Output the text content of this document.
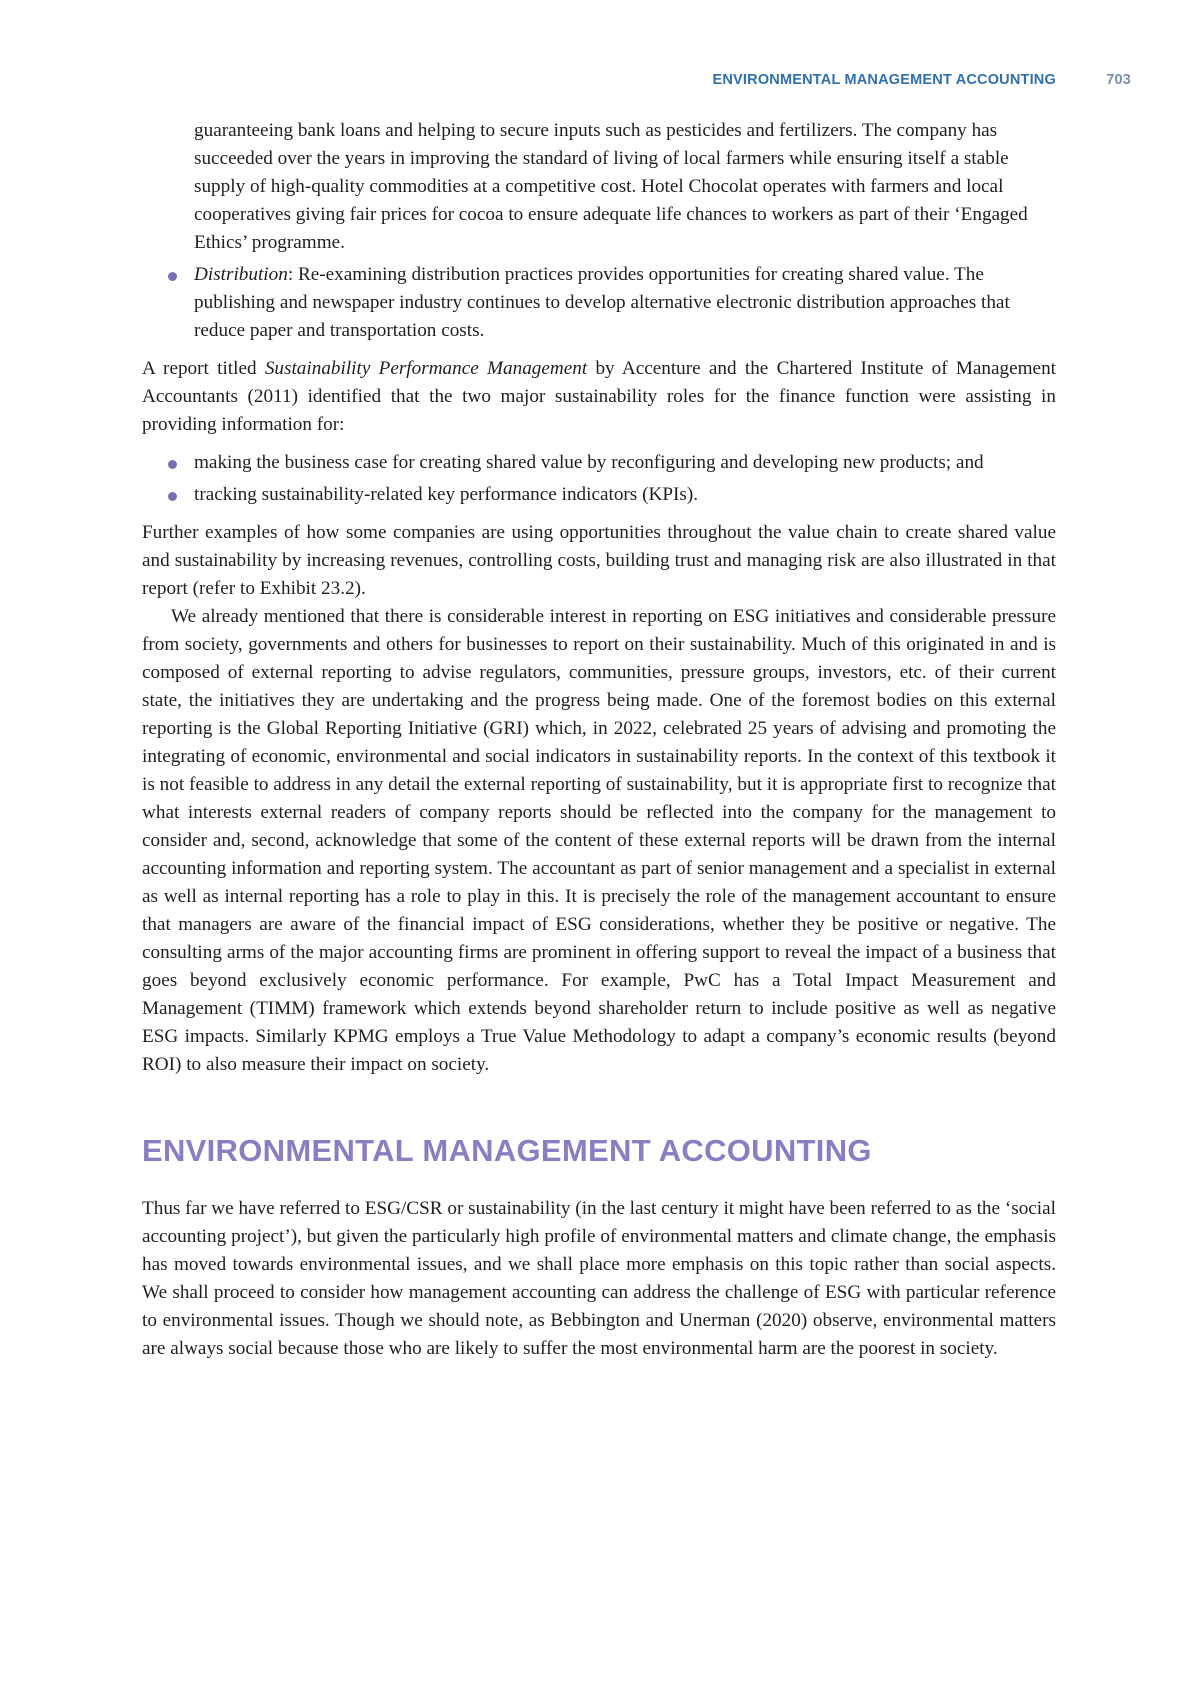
ENVIRONMENTAL MANAGEMENT ACCOUNTING	703

guaranteeing bank loans and helping to secure inputs such as pesticides and fertilizers. The company has succeeded over the years in improving the standard of living of local farmers while ensuring itself a stable supply of high-quality commodities at a competitive cost. Hotel Chocolat operates with farmers and local cooperatives giving fair prices for cocoa to ensure adequate life chances to workers as part of their ‘Engaged Ethics’ programme.

Distribution: Re-examining distribution practices provides opportunities for creating shared value. The publishing and newspaper industry continues to develop alternative electronic distribution approaches that reduce paper and transportation costs.

A report titled Sustainability Performance Management by Accenture and the Chartered Institute of Management Accountants (2011) identified that the two major sustainability roles for the finance function were assisting in providing information for:

making the business case for creating shared value by reconfiguring and developing new products; and
tracking sustainability-related key performance indicators (KPIs).

Further examples of how some companies are using opportunities throughout the value chain to create shared value and sustainability by increasing revenues, controlling costs, building trust and managing risk are also illustrated in that report (refer to Exhibit 23.2).

We already mentioned that there is considerable interest in reporting on ESG initiatives and considerable pressure from society, governments and others for businesses to report on their sustainability. Much of this originated in and is composed of external reporting to advise regulators, communities, pressure groups, investors, etc. of their current state, the initiatives they are undertaking and the progress being made. One of the foremost bodies on this external reporting is the Global Reporting Initiative (GRI) which, in 2022, celebrated 25 years of advising and promoting the integrating of economic, environmental and social indicators in sustainability reports. In the context of this textbook it is not feasible to address in any detail the external reporting of sustainability, but it is appropriate first to recognize that what interests external readers of company reports should be reflected into the company for the management to consider and, second, acknowledge that some of the content of these external reports will be drawn from the internal accounting information and reporting system. The accountant as part of senior management and a specialist in external as well as internal reporting has a role to play in this. It is precisely the role of the management accountant to ensure that managers are aware of the financial impact of ESG considerations, whether they be positive or negative. The consulting arms of the major accounting firms are prominent in offering support to reveal the impact of a business that goes beyond exclusively economic performance. For example, PwC has a Total Impact Measurement and Management (TIMM) framework which extends beyond shareholder return to include positive as well as negative ESG impacts. Similarly KPMG employs a True Value Methodology to adapt a company’s economic results (beyond ROI) to also measure their impact on society.

ENVIRONMENTAL MANAGEMENT ACCOUNTING

Thus far we have referred to ESG/CSR or sustainability (in the last century it might have been referred to as the ‘social accounting project’), but given the particularly high profile of environmental matters and climate change, the emphasis has moved towards environmental issues, and we shall place more emphasis on this topic rather than social aspects. We shall proceed to consider how management accounting can address the challenge of ESG with particular reference to environmental issues. Though we should note, as Bebbington and Unerman (2020) observe, environmental matters are always social because those who are likely to suffer the most environmental harm are the poorest in society.
